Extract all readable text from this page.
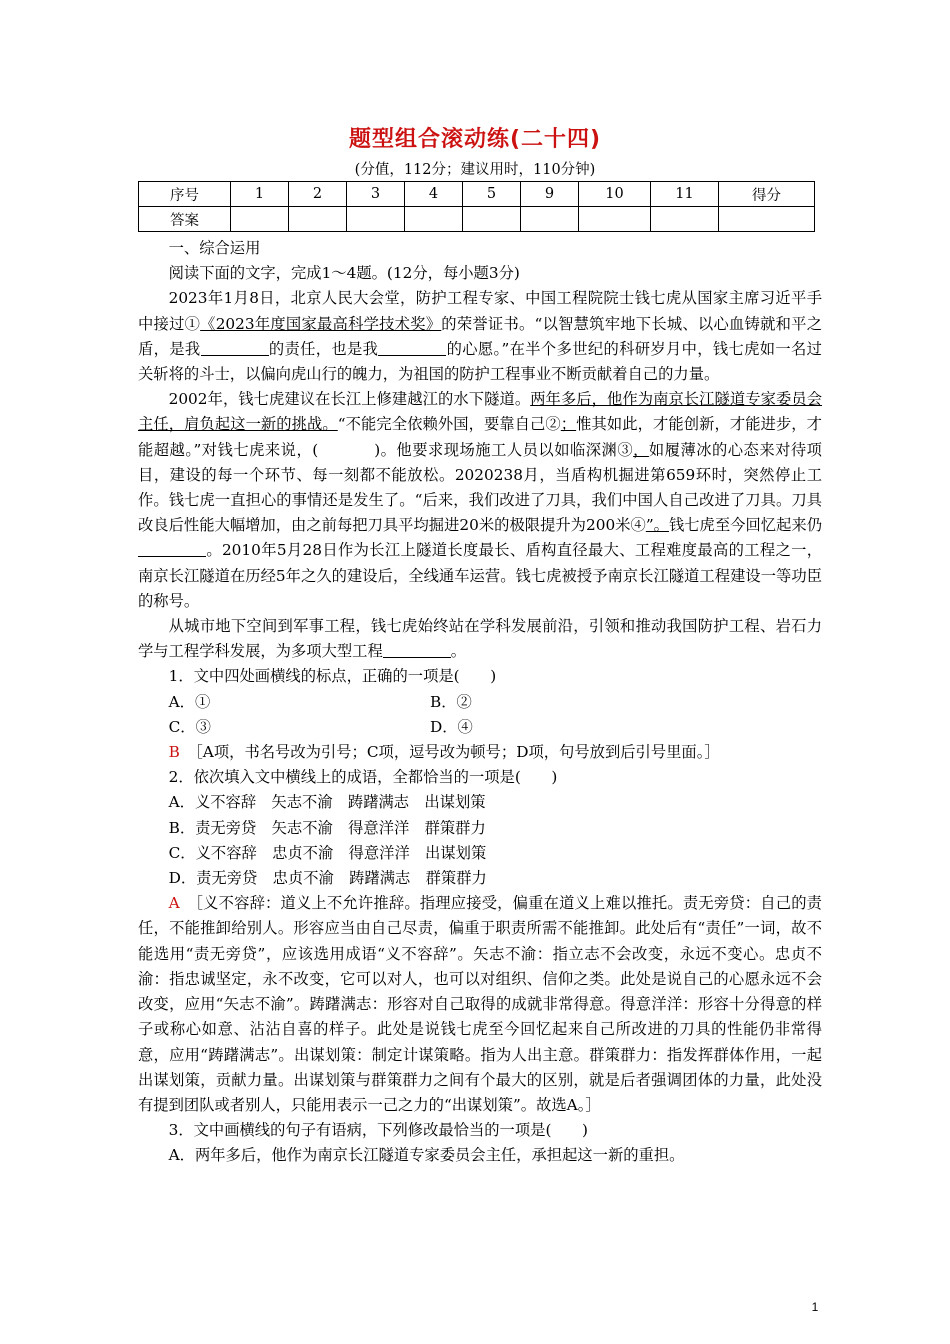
题型组合滚动练(二十四)
(分值，112分；建议用时，110分钟)
序号	1	2	3	4	5	9	10	11	得分
答案									

一、综合运用

阅读下面的文字，完成1～4题。(12分，每小题3分)

2023年1月8日，北京人民大会堂，防护工程专家、中国工程院院士钱七虎从国家主席习近平手中接过①《2023年度国家最高科学技术奖》的荣誉证书。“以智慧筑牢地下长城、以心血铸就和平之盾，是我	的责任，也是我	的心愿。”在半个多世纪的科研岁月中，钱七虎如一名过关斩将的斗士，以偏向虎山行的魄力，为祖国的防护工程事业不断贡献着自己的力量。

2002年，钱七虎建议在长江上修建越江的水下隧道。两年多后，他作为南京长江隧道专家委员会主任，肩负起这一新的挑战。“不能完全依赖外国，要靠自己②；惟其如此，才能创新，才能进步，才能超越。”对钱七虎来说，(	)。他要求现场施工人员以如临深渊③，如履薄冰的心态来对待项目，建设的每一个环节、每一刻都不能放松。2020238月，当盾构机掘进第659环时，突然停止工作。钱七虎一直担心的事情还是发生了。“后来，我们改进了刀具，我们中国人自己改进了刀具。刀具改良后性能大幅增加，由之前每把刀具平均掘进20米的极限提升为200米④”。钱七虎至今回忆起来仍。2010年5月28日作为长江上隧道长度最长、盾构直径最大、工程难度最高的工程之一，南京长江隧道在历经5年之久的建设后，全线通车运营。钱七虎被授予南京长江隧道工程建设一等功臣的称号。

从城市地下空间到军事工程，钱七虎始终站在学科发展前沿，引领和推动我国防护工程、岩石力学与工程学科发展，为多项大型工程	。

1．文中四处画横线的标点，正确的一项是(　　)

A．①	B．②
C．③	D．④

B　 ［A项，书名号改为引号；C项，逗号改为顿号；D项，句号放到后引号里面。］

2．依次填入文中横线上的成语，全都恰当的一项是(　　)

A．义不容辞　矢志不渝　踌躇满志　出谋划策

B．责无旁贷　矢志不渝　得意洋洋　群策群力

C．义不容辞　忠贞不渝　得意洋洋　出谋划策

D．责无旁贷　忠贞不渝　踌躇满志　群策群力

A　 ［义不容辞：道义上不允许推辞。指理应接受，偏重在道义上难以推托。责无旁贷：自己的责任，不能推卸给别人。形容应当由自己尽责，偏重于职责所需不能推卸。此处后有“责任”一词，故不能选用“责无旁贷”，应该选用成语“义不容辞”。矢志不渝：指立志不会改变，永远不变心。忠贞不渝：指忠诚坚定，永不改变，它可以对人，也可以对组织、信仰之类。此处是说自己的心愿永远不会改变，应用“矢志不渝”。踌躇满志：形容对自己取得的成就非常得意。得意洋洋：形容十分得意的样子或称心如意、沾沾自喜的样子。此处是说钱七虎至今回忆起来自己所改进的刀具的性能仍非常得意，应用“踌躇满志”。出谋划策：制定计谋策略。指为人出主意。群策群力：指发挥群体作用，一起出谋划策，贡献力量。出谋划策与群策群力之间有个最大的区别，就是后者强调团体的力量，此处没有提到团队或者别人，只能用表示一己之力的“出谋划策”。故选A。］

3．文中画横线的句子有语病，下列修改最恰当的一项是(　　)

A．两年多后，他作为南京长江隧道专家委员会主任，承担起这一新的重担。

1
